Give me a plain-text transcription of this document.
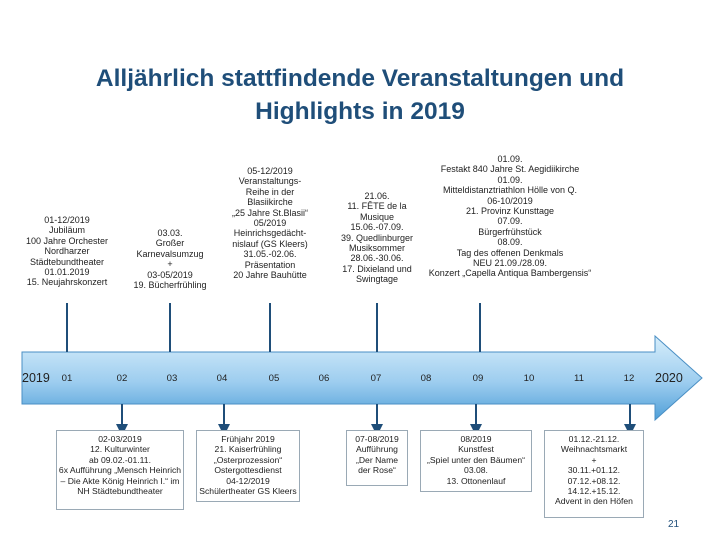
Alljährlich stattfindende Veranstaltungen und
Highlights in 2019
2019	2020
01	02	03	04	05	06	07	08	09	10	11	12
01-12/2019
Jubiläum
100 Jahre Orchester
Nordharzer
Städtebundtheater
01.01.2019
15. Neujahrskonzert
03.03.
Großer
Karnevalsumzug
+
03-05/2019
19. Bücherfrühling
05-12/2019
Veranstaltungs-
Reihe in der
Blasiikirche
„25 Jahre St.Blasii“
05/2019
Heinrichsgedächt-
nislauf (GS Kleers)
31.05.-02.06.
Präsentation
20 Jahre Bauhütte
21.06.
11. FÊTE de la
Musique
15.06.-07.09.
39. Quedlinburger
Musiksommer
28.06.-30.06.
17. Dixieland und
Swingtage
01.09.
Festakt 840 Jahre St. Aegidiikirche
01.09.
Mitteldistanztriathlon Hölle von Q.
06-10/2019
21. Provinz Kunsttage
07.09.
Bürgerfrühstück
08.09.
Tag des offenen Denkmals
NEU 21.09./28.09.
Konzert „Capella Antiqua Bambergensis“
02-03/2019
12. Kulturwinter
ab 09.02.-01.11.
6x Aufführung „Mensch Heinrich
– Die Akte König Heinrich I.“ im
NH Städtebundtheater
Frühjahr 2019
21. Kaiserfrühling
„Osterprozession“
Ostergottesdienst
04-12/2019
Schülertheater GS Kleers
07-08/2019
Aufführung
„Der Name
der Rose“
08/2019
Kunstfest
„Spiel unter den Bäumen“
03.08.
13. Ottonenlauf
01.12.-21.12.
Weihnachtsmarkt
+
30.11.+01.12.
07.12.+08.12.
14.12.+15.12.
Advent in den Höfen
21
